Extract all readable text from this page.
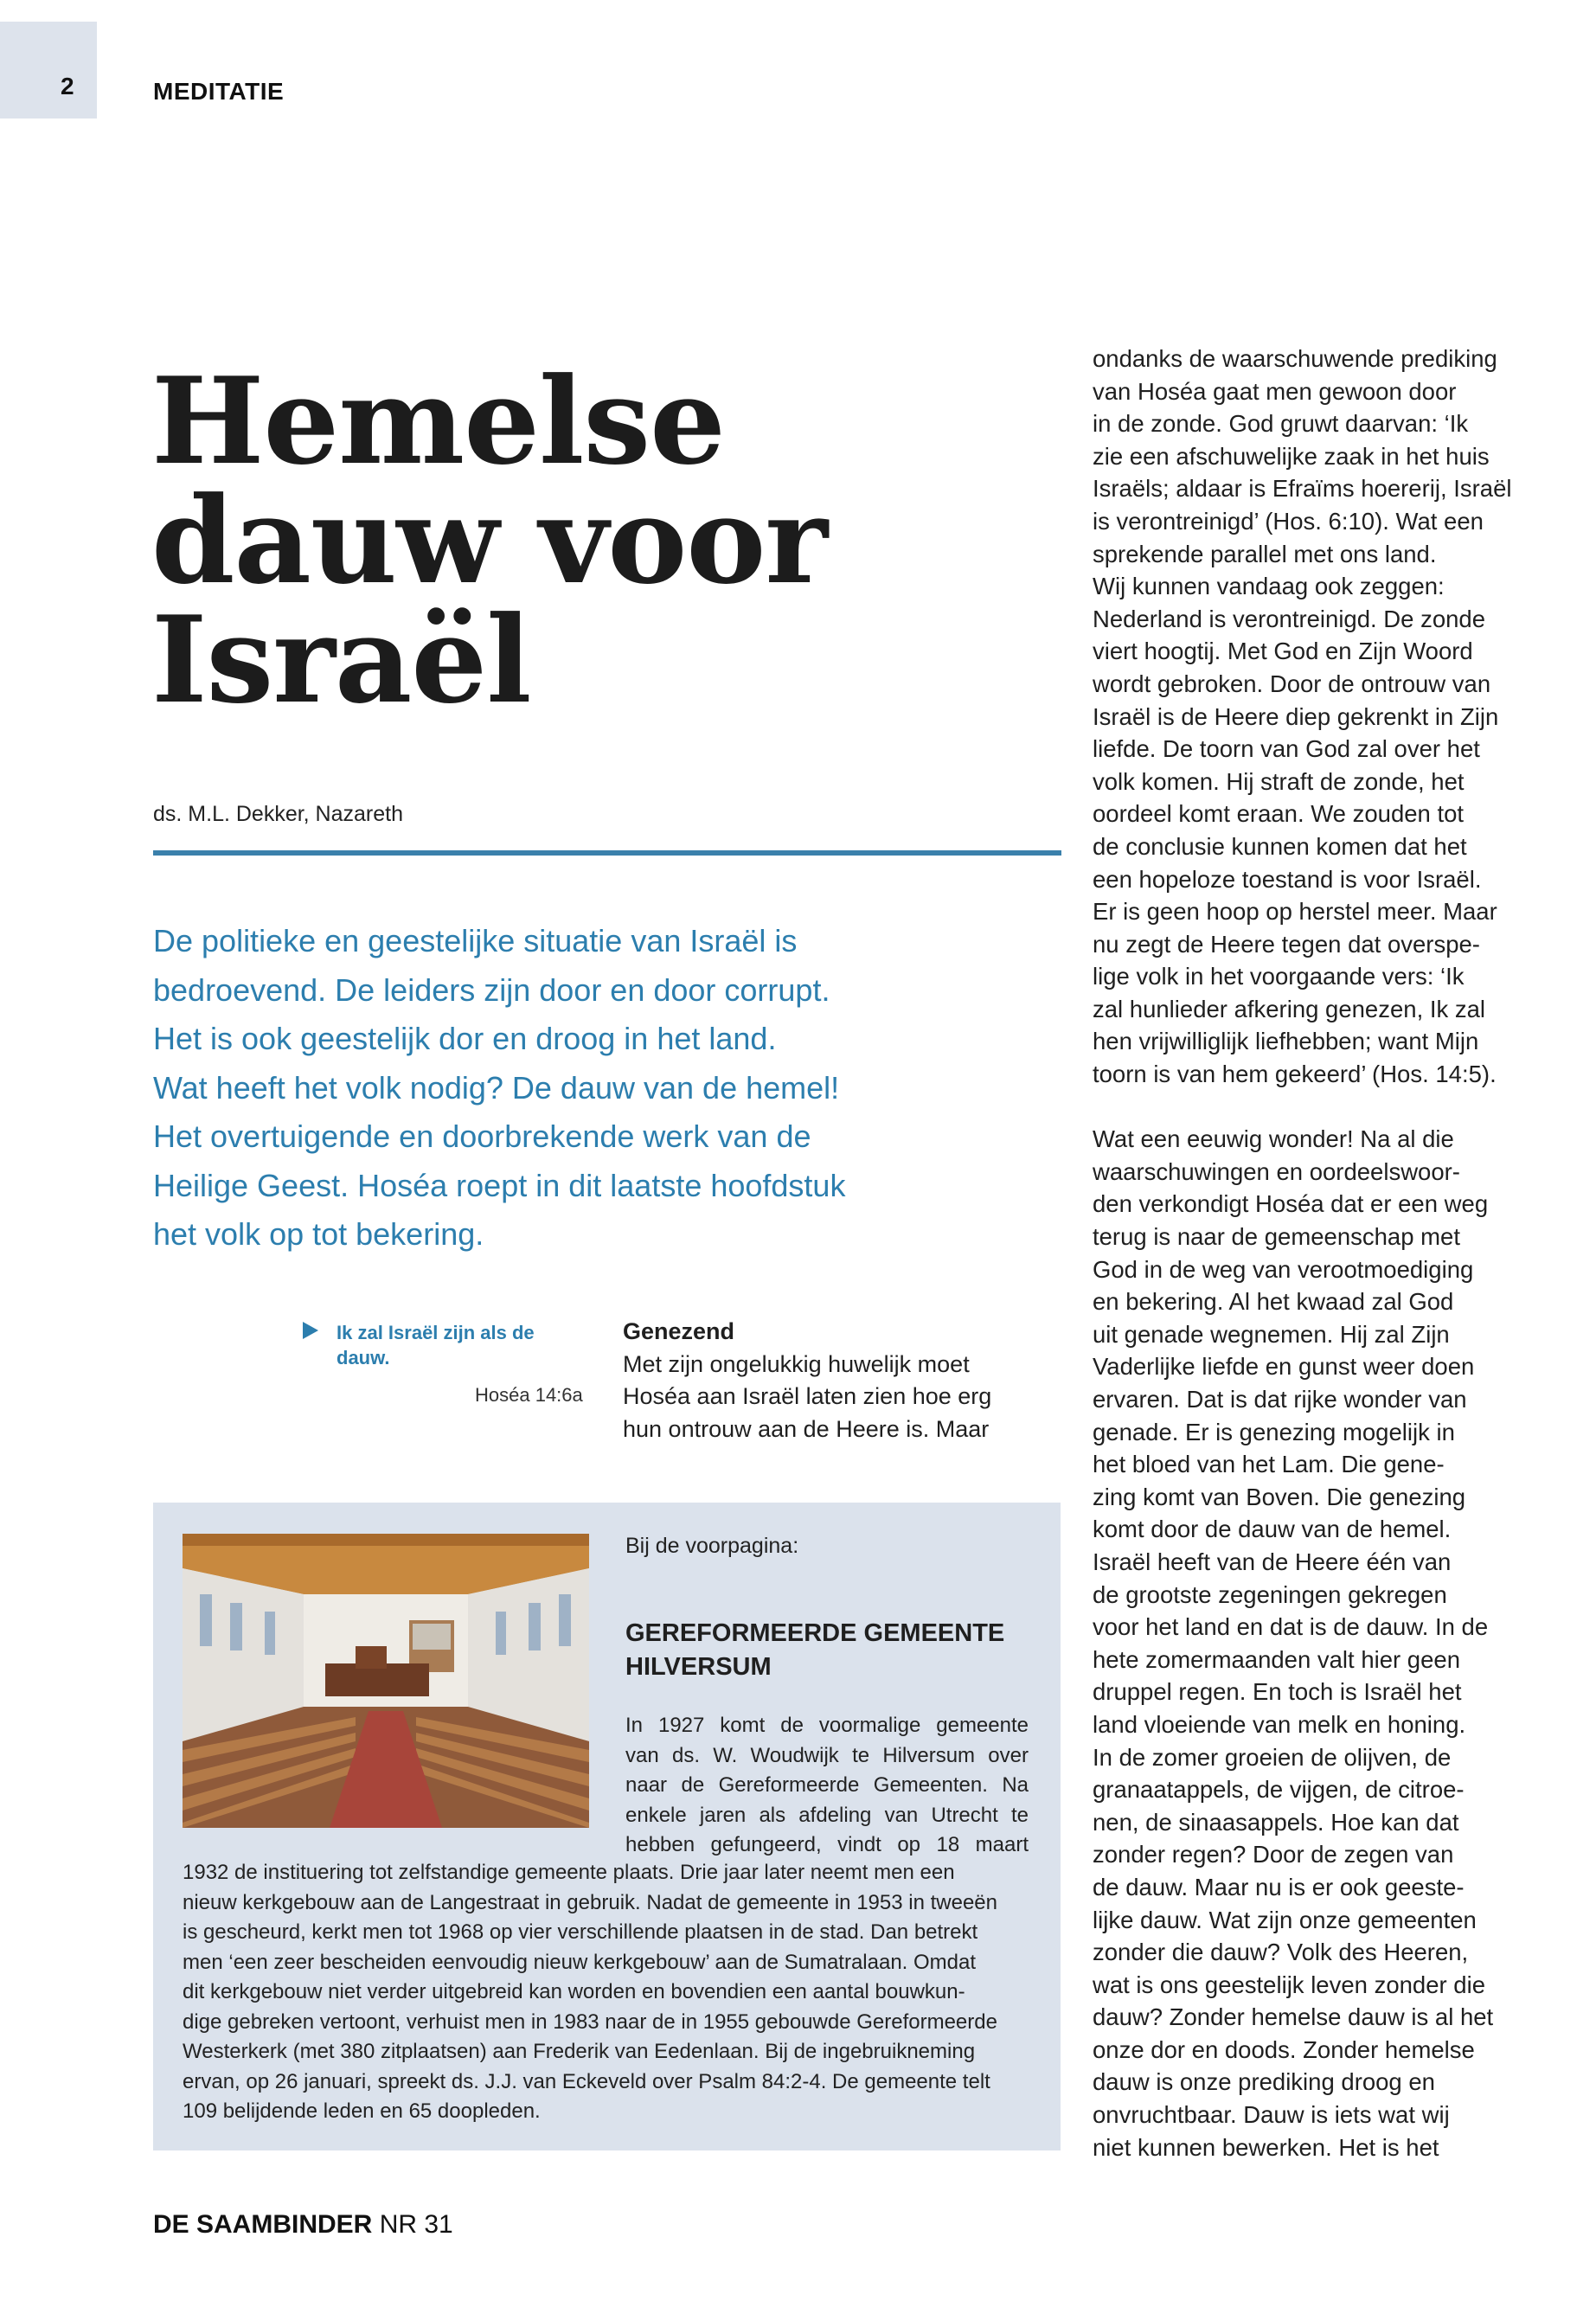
2	MEDITATIE
Hemelse
dauw voor
Israël
ds. M.L. Dekker, Nazareth

De politieke en geestelijke situatie van Israël is
bedroevend. De leiders zijn door en door corrupt.
Het is ook geestelijk dor en droog in het land.
Wat heeft het volk nodig? De dauw van de hemel!
Het overtuigende en doorbrekende werk van de
Heilige Geest. Hoséa roept in dit laatste hoofdstuk
het volk op tot bekering.

Ik zal Israël zijn als de dauw.
Hoséa 14:6a
Genezend
Met zijn ongelukkig huwelijk moet
Hoséa aan Israël laten zien hoe erg
hun ontrouw aan de Heere is. Maar
Bij de voorpagina:
GEREFORMEERDE GEMEENTE HILVERSUM
In 1927 komt de voormalige gemeente
van ds. W. Woudwijk te Hilversum over
naar de Gereformeerde Gemeenten. Na
enkele jaren als afdeling van Utrecht te
hebben gefungeerd, vindt op 18 maart
1932 de instituering tot zelfstandige gemeente plaats. Drie jaar later neemt men een
nieuw kerkgebouw aan de Langestraat in gebruik. Nadat de gemeente in 1953 in tweeën
is gescheurd, kerkt men tot 1968 op vier verschillende plaatsen in de stad. Dan betrekt
men ‘een zeer bescheiden eenvoudig nieuw kerkgebouw’ aan de Sumatralaan. Omdat
dit kerkgebouw niet verder uitgebreid kan worden en bovendien een aantal bouwkun-
dige gebreken vertoont, verhuist men in 1983 naar de in 1955 gebouwde Gereformeerde
Westerkerk (met 380 zitplaatsen) aan Frederik van Eedenlaan. Bij de ingebruikneming
ervan, op 26 januari, spreekt ds. J.J. van Eckeveld over Psalm 84:2-4. De gemeente telt
109 belijdende leden en 65 doopleden.
ondanks de waarschuwende prediking
van Hoséa gaat men gewoon door
in de zonde. God gruwt daarvan: ‘Ik
zie een afschuwelijke zaak in het huis
Israëls; aldaar is Efraïms hoererij, Israël
is verontreinigd’ (Hos. 6:10). Wat een
sprekende parallel met ons land.
Wij kunnen vandaag ook zeggen:
Nederland is verontreinigd. De zonde
viert hoogtij. Met God en Zijn Woord
wordt gebroken. Door de ontrouw van
Israël is de Heere diep gekrenkt in Zijn
liefde. De toorn van God zal over het
volk komen. Hij straft de zonde, het
oordeel komt eraan. We zouden tot
de conclusie kunnen komen dat het
een hopeloze toestand is voor Israël.
Er is geen hoop op herstel meer. Maar
nu zegt de Heere tegen dat overspe-
lige volk in het voorgaande vers: ‘Ik
zal hunlieder afkering genezen, Ik zal
hen vrijwilliglijk liefhebben; want Mijn
toorn is van hem gekeerd’ (Hos. 14:5).
Wat een eeuwig wonder! Na al die
waarschuwingen en oordeelswoor-
den verkondigt Hoséa dat er een weg
terug is naar de gemeenschap met
God in de weg van verootmoediging
en bekering. Al het kwaad zal God
uit genade wegnemen. Hij zal Zijn
Vaderlijke liefde en gunst weer doen
ervaren. Dat is dat rijke wonder van
genade. Er is genezing mogelijk in
het bloed van het Lam. Die gene-
zing komt van Boven. Die genezing
komt door de dauw van de hemel.
Israël heeft van de Heere één van
de grootste zegeningen gekregen
voor het land en dat is de dauw. In de
hete zomermaanden valt hier geen
druppel regen. En toch is Israël het
land vloeiende van melk en honing.
In de zomer groeien de olijven, de
granaatappels, de vijgen, de citroe-
nen, de sinaasappels. Hoe kan dat
zonder regen? Door de zegen van
de dauw. Maar nu is er ook geeste-
lijke dauw. Wat zijn onze gemeenten
zonder die dauw? Volk des Heeren,
wat is ons geestelijk leven zonder die
dauw? Zonder hemelse dauw is al het
onze dor en doods. Zonder hemelse
dauw is onze prediking droog en
onvruchtbaar. Dauw is iets wat wij
niet kunnen bewerken. Het is het
DE SAAMBINDER NR 31
